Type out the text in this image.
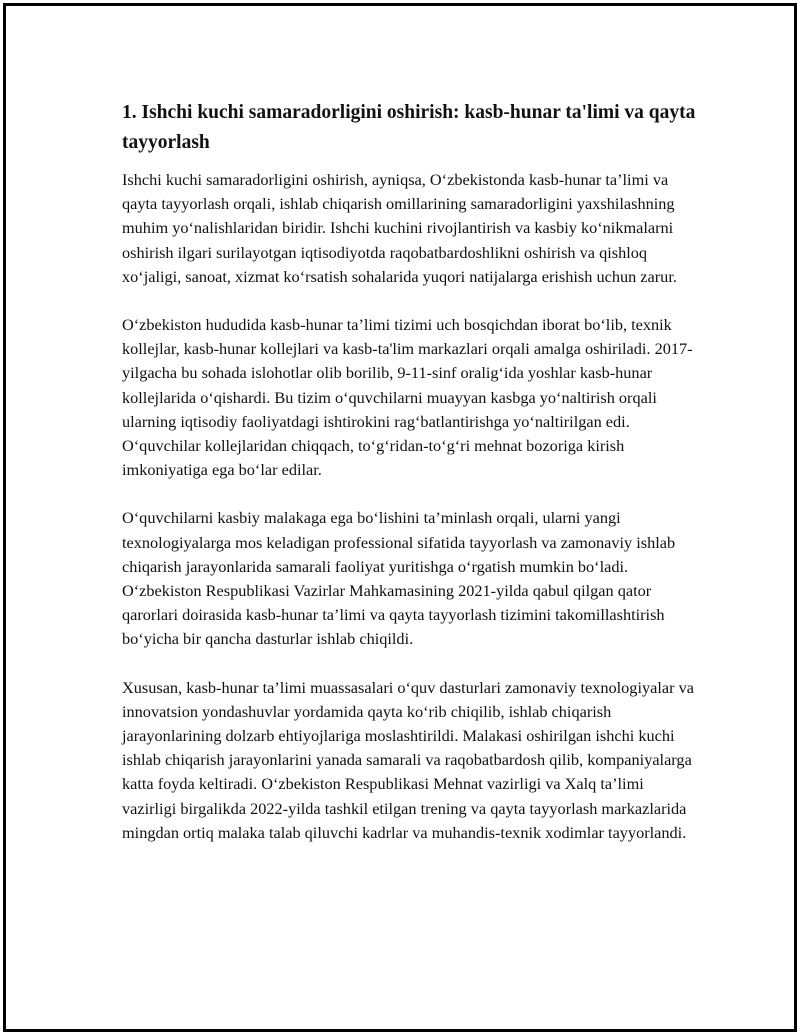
1. Ishchi kuchi samaradorligini oshirish: kasb-hunar ta'limi va qayta tayyorlash

Ishchi kuchi samaradorligini oshirish, ayniqsa, O‘zbekistonda kasb-hunar ta’limi va qayta tayyorlash orqali, ishlab chiqarish omillarining samaradorligini yaxshilashning muhim yo‘nalishlaridan biridir. Ishchi kuchini rivojlantirish va kasbiy ko‘nikmalarni oshirish ilgari surilayotgan iqtisodiyotda raqobatbardoshlikni oshirish va qishloq xo‘jaligi, sanoat, xizmat ko‘rsatish sohalarida yuqori natijalarga erishish uchun zarur.

O‘zbekiston hududida kasb-hunar ta’limi tizimi uch bosqichdan iborat bo‘lib, texnik kollejlar, kasb-hunar kollejlari va kasb-ta'lim markazlari orqali amalga oshiriladi. 2017-yilgacha bu sohada islohotlar olib borilib, 9-11-sinf oralig‘ida yoshlar kasb-hunar kollejlarida o‘qishardi. Bu tizim o‘quvchilarni muayyan kasbga yo‘naltirish orqali ularning iqtisodiy faoliyatdagi ishtirokini rag‘batlantirishga yo‘naltirilgan edi. O‘quvchilar kollejlaridan chiqqach, to‘g‘ridan-to‘g‘ri mehnat bozoriga kirish imkoniyatiga ega bo‘lar edilar.

O‘quvchilarni kasbiy malakaga ega bo‘lishini ta’minlash orqali, ularni yangi texnologiyalarga mos keladigan professional sifatida tayyorlash va zamonaviy ishlab chiqarish jarayonlarida samarali faoliyat yuritishga o‘rgatish mumkin bo‘ladi. O‘zbekiston Respublikasi Vazirlar Mahkamasining 2021-yilda qabul qilgan qator qarorlari doirasida kasb-hunar ta’limi va qayta tayyorlash tizimini takomillashtirish bo‘yicha bir qancha dasturlar ishlab chiqildi.

Xususan, kasb-hunar ta’limi muassasalari o‘quv dasturlari zamonaviy texnologiyalar va innovatsion yondashuvlar yordamida qayta ko‘rib chiqilib, ishlab chiqarish jarayonlarining dolzarb ehtiyojlariga moslashtirildi. Malakasi oshirilgan ishchi kuchi ishlab chiqarish jarayonlarini yanada samarali va raqobatbardosh qilib, kompaniyalarga katta foyda keltiradi. O‘zbekiston Respublikasi Mehnat vazirligi va Xalq ta’limi vazirligi birgalikda 2022-yilda tashkil etilgan trening va qayta tayyorlash markazlarida mingdan ortiq malaka talab qiluvchi kadrlar va muhandis-texnik xodimlar tayyorlandi.
